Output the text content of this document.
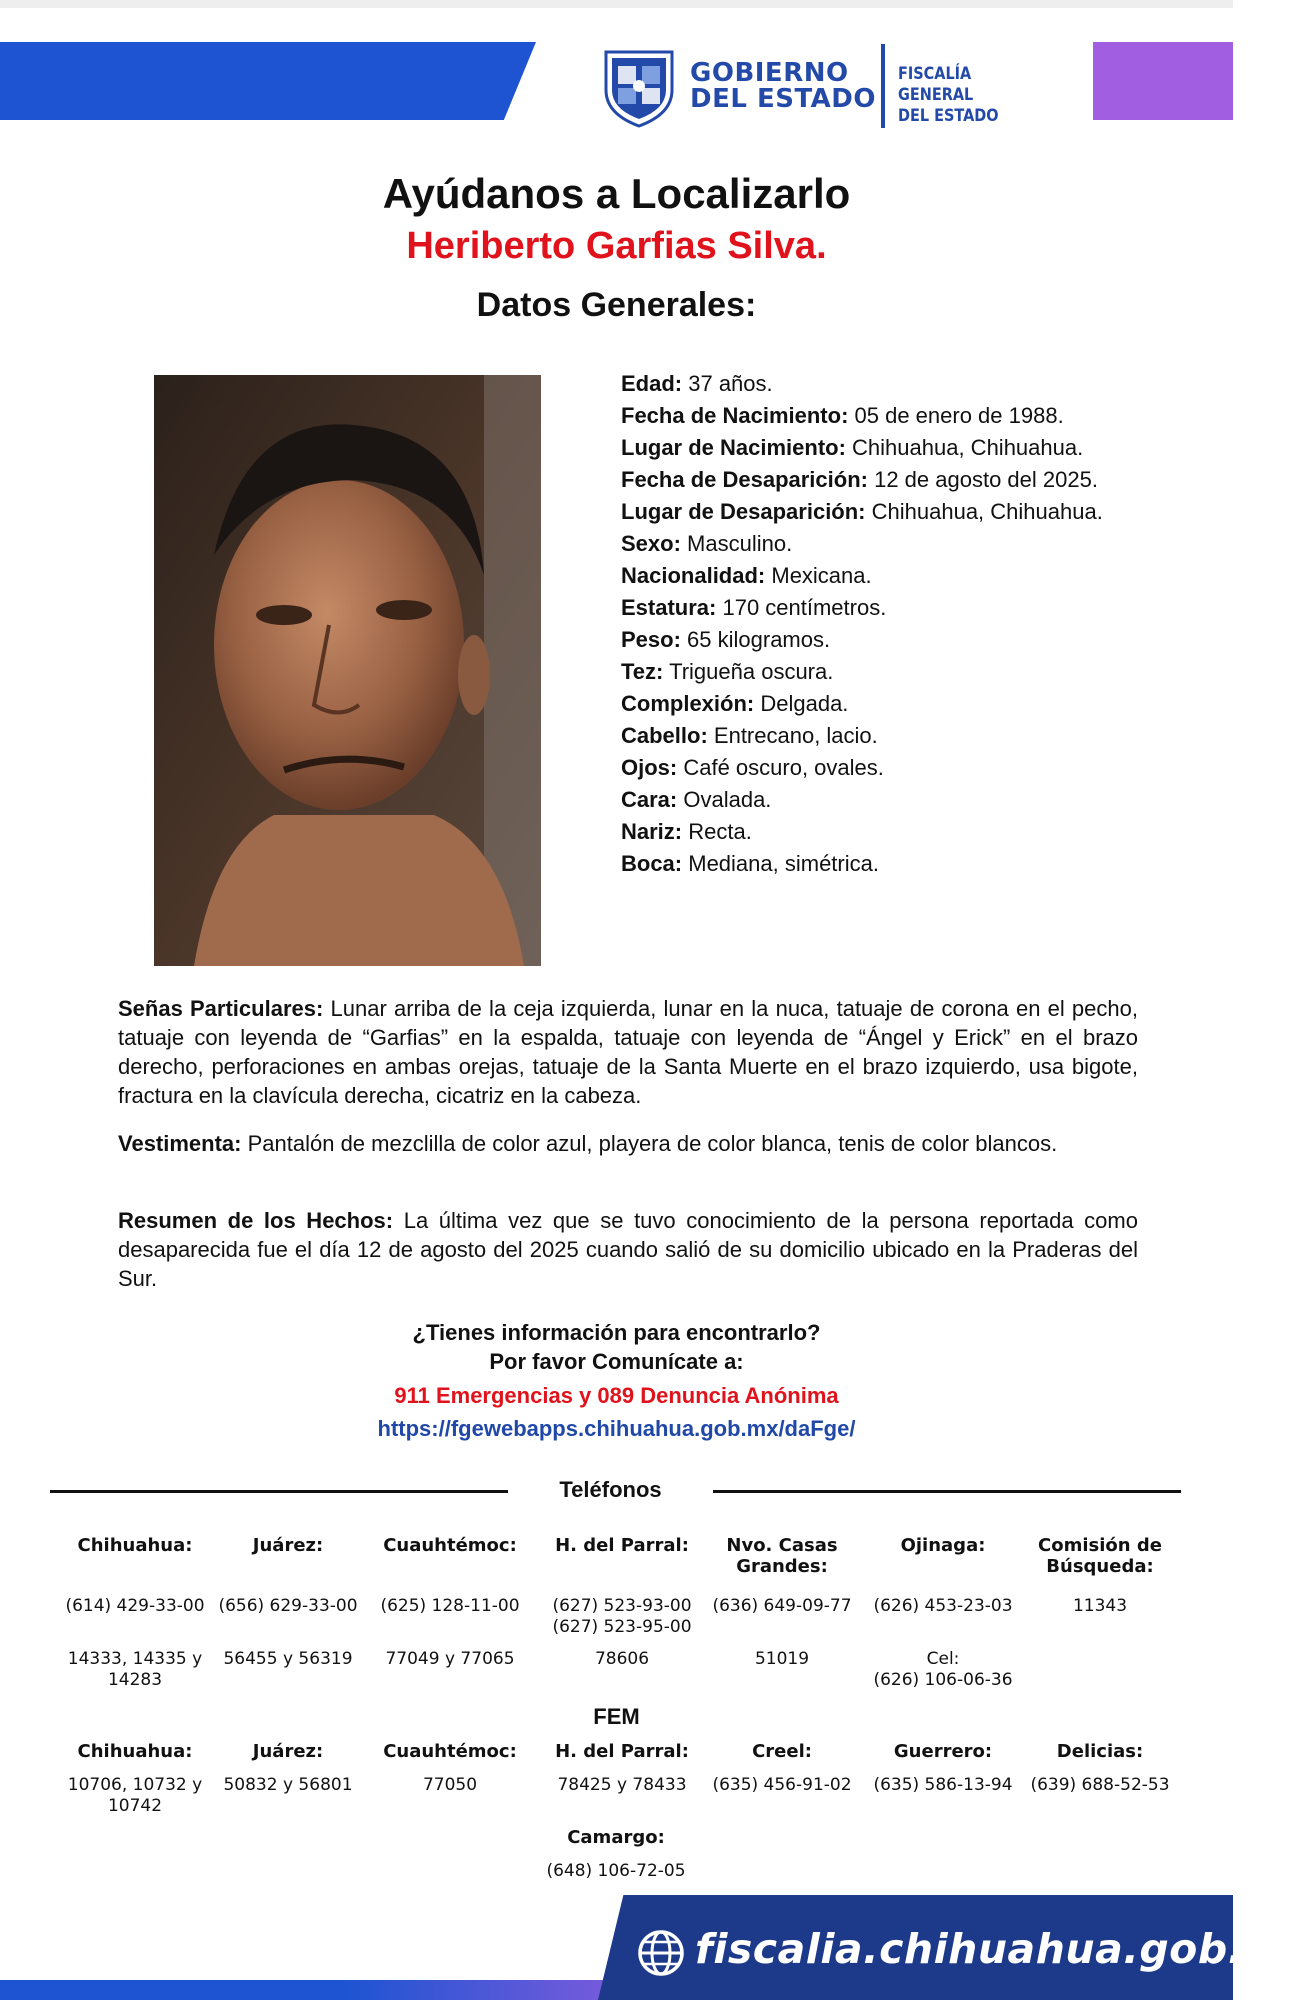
GOBIERNO
DEL ESTADO
FISCALÍA GENERAL
DEL ESTADO
Ayúdanos a Localizarlo
Heriberto Garfias Silva.
Datos Generales:
Edad: 37 años.
Fecha de Nacimiento: 05 de enero de 1988.
Lugar de Nacimiento: Chihuahua, Chihuahua.
Fecha de Desaparición: 12 de agosto del 2025.
Lugar de Desaparición: Chihuahua, Chihuahua.
Sexo: Masculino.
Nacionalidad: Mexicana.
Estatura: 170 centímetros.
Peso: 65 kilogramos.
Tez: Trigueña oscura.
Complexión: Delgada.
Cabello: Entrecano, lacio.
Ojos: Café oscuro, ovales.
Cara: Ovalada.
Nariz: Recta.
Boca: Mediana, simétrica.
Señas Particulares: Lunar arriba de la ceja izquierda, lunar en la nuca, tatuaje de corona en el pecho, tatuaje con leyenda de “Garfias” en la espalda, tatuaje con leyenda de “Ángel y Erick” en el brazo derecho, perforaciones en ambas orejas, tatuaje de la Santa Muerte en el brazo izquierdo, usa bigote, fractura en la clavícula derecha, cicatriz en la cabeza.
Vestimenta: Pantalón de mezclilla de color azul, playera de color blanca, tenis de color blancos.
Resumen de los Hechos: La última vez que se tuvo conocimiento de la persona reportada como desaparecida fue el día 12 de agosto del 2025 cuando salió de su domicilio ubicado en la Praderas del Sur.
¿Tienes información para encontrarlo?
Por favor Comunícate a:
911 Emergencias y 089 Denuncia Anónima
https://fgewebapps.chihuahua.gob.mx/daFge/
Teléfonos
Chihuahua:
(614) 429-33-00
14333, 14335 y 14283
Juárez:
(656) 629-33-00
56455 y 56319
Cuauhtémoc:
(625) 128-11-00
77049 y 77065
H. del Parral:
(627) 523-93-00
(627) 523-95-00
78606
Nvo. Casas Grandes:
(636) 649-09-77
51019
Ojinaga:
(626) 453-23-03
Cel:
(626) 106-06-36
Comisión de Búsqueda:
11343
Chihuahua:
10706, 10732 y 10742
Juárez:
50832 y 56801
Cuauhtémoc:
77050
H. del Parral:
78425 y 78433
Creel:
(635) 456-91-02
Guerrero:
(635) 586-13-94
Delicias:
(639) 688-52-53
Camargo:
(648) 106-72-05
FEM
fiscalia.chihuahua.gob.mx
